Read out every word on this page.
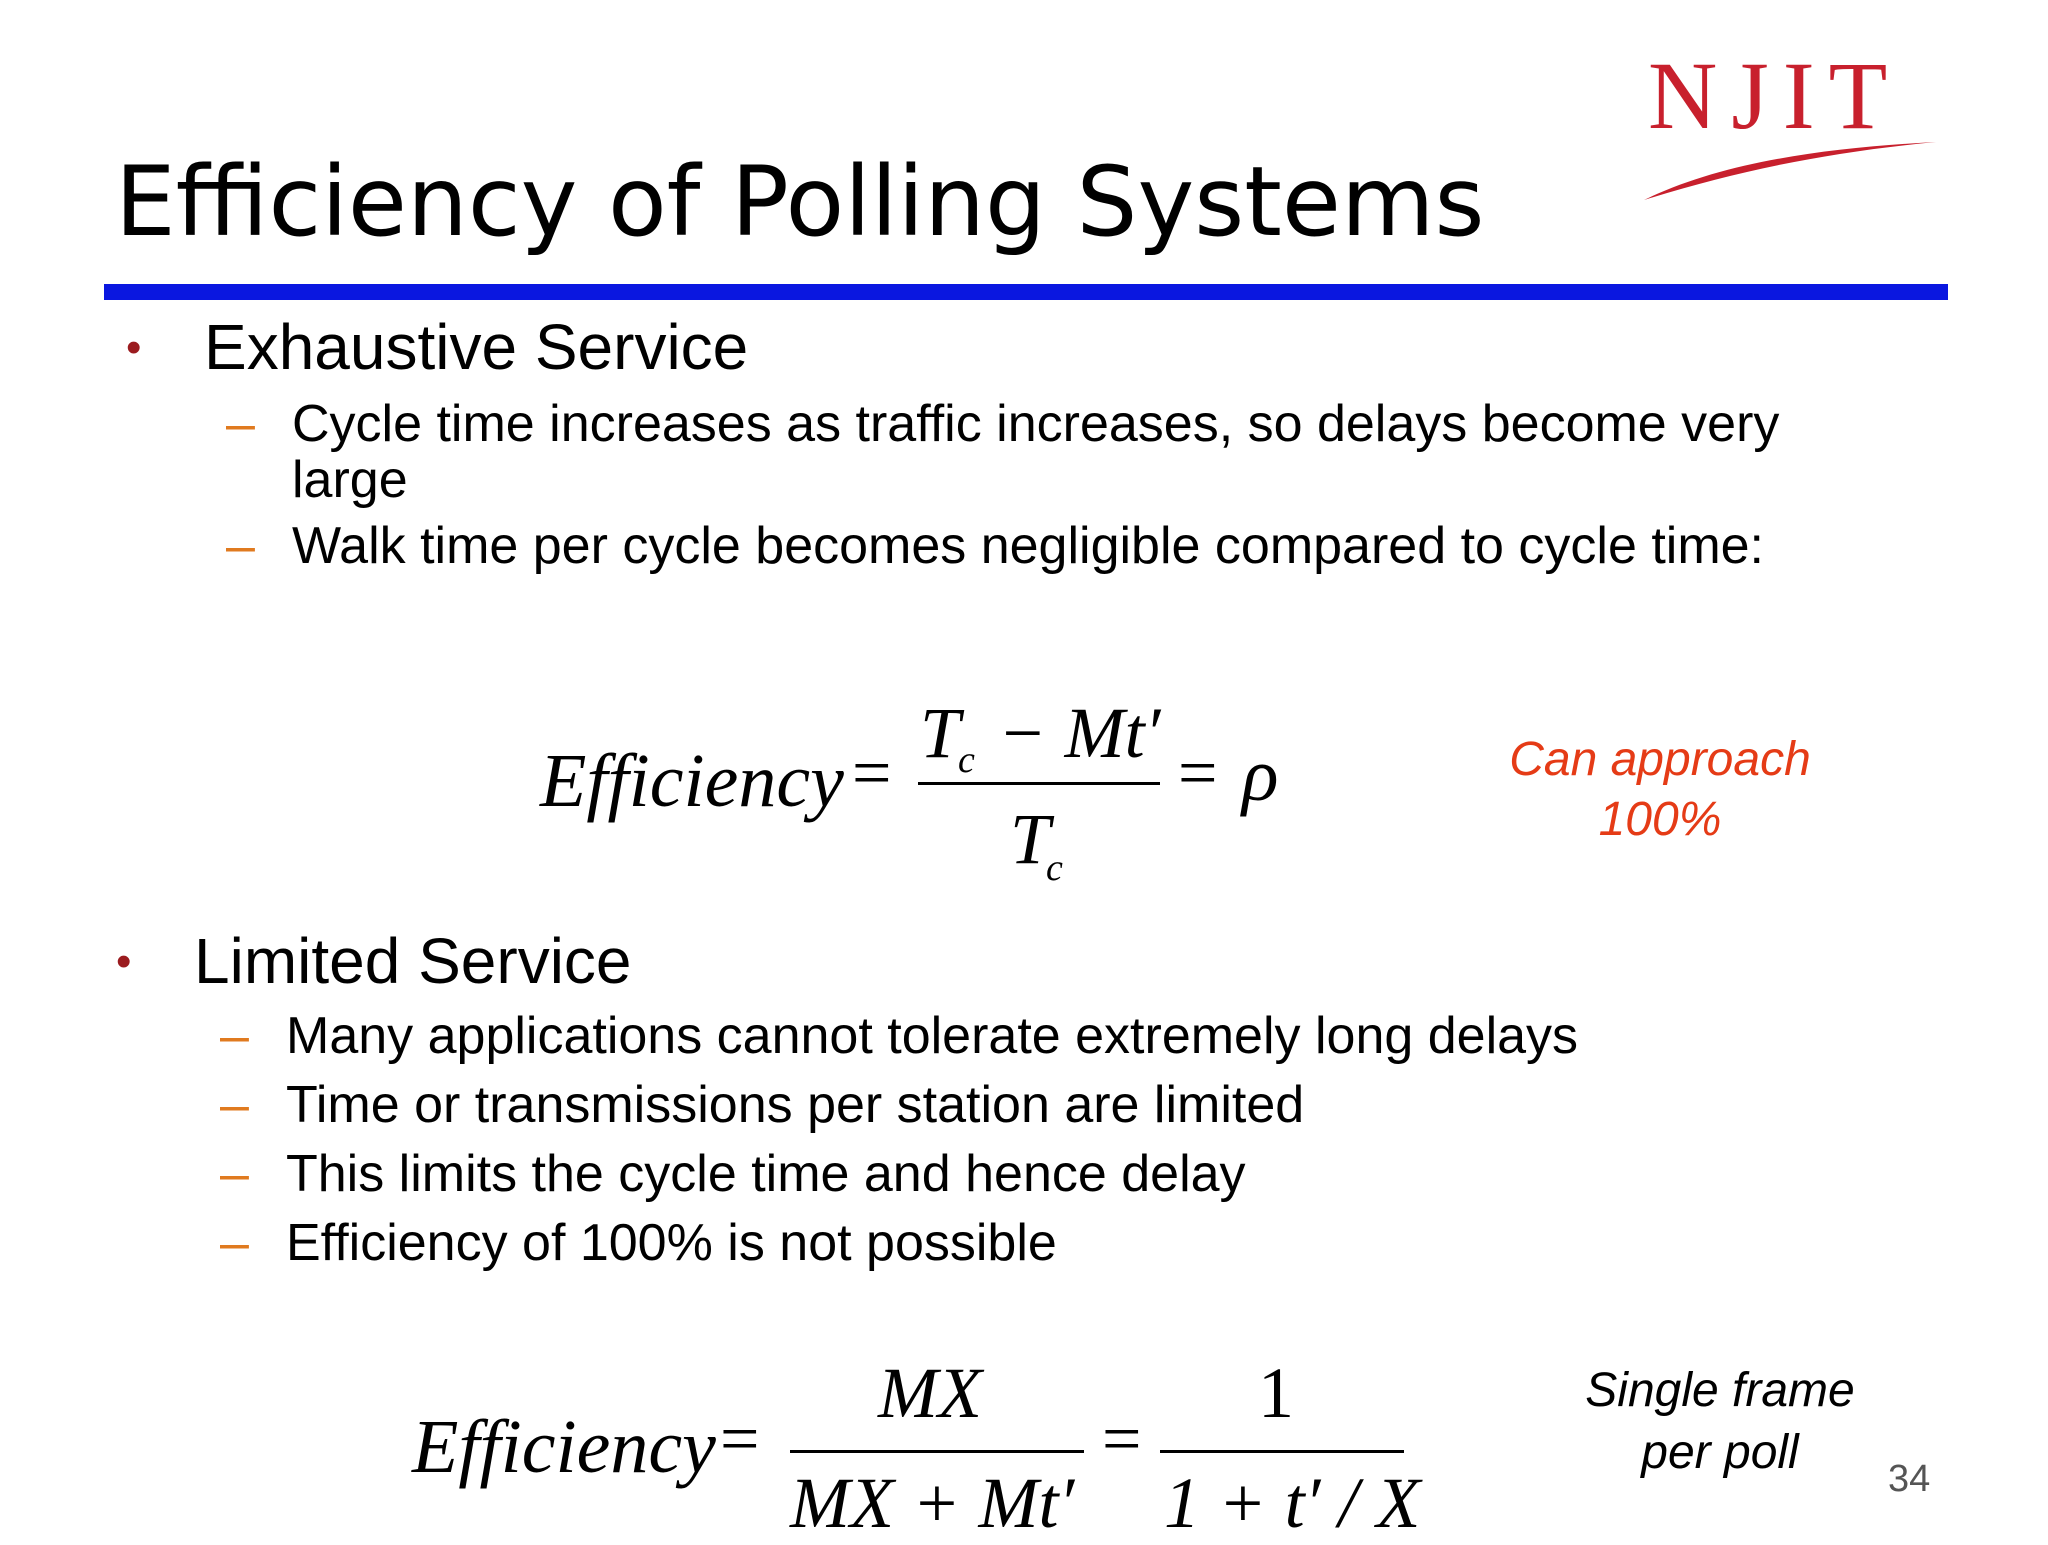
NJIT
Efficiency of Polling Systems
• Exhaustive Service
– Cycle time increases as traffic increases, so delays become very large
– Walk time per cycle becomes negligible compared to cycle time:
Efficiency =
T
c − Mt′
T
c
= ρ	Can approach
100%
• Limited Service
– Many applications cannot tolerate extremely long delays
– Time or transmissions per station are limited
– This limits the cycle time and hence delay
– Efficiency of 100% is not possible
Efficiency =
MX
MX + Mt′
=
1
1 + t′ / X
Single frame
per poll	34
